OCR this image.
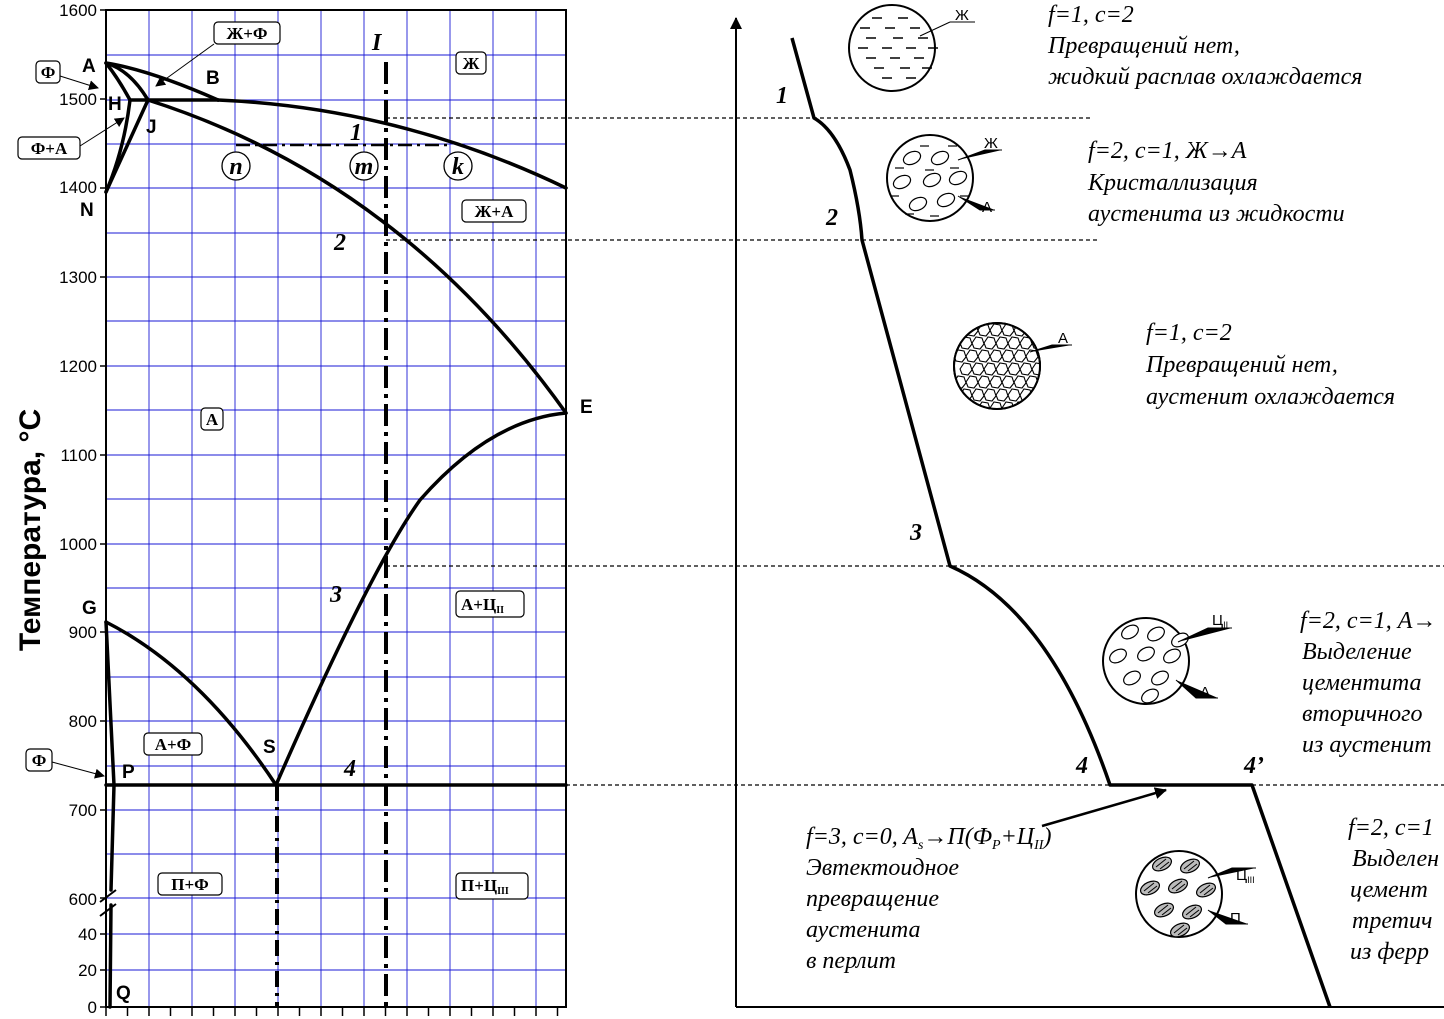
1600
1500
1400
1300
1200
1100
1000
900
800
700
600
40
20
0
Температура, °С
A
H
J
B
N
E
G
S
P
Q
Ф
Ж+Ф
Ж
Ф+А
Ж+А
А
А+ЦII
А+Ф
Ф
П+Ф	П+ЦIII
I
n	m	k
1
2
3
4
1
2
3
4	4’
Ж
Ж
А
А
$Ц_{II}$
А
$Ц_{III}$
П
f=1, c=2
Превращений нет,
жидкий расплав охлаждается
f=2, c=1, Ж→А
Кристаллизация
аустенита из жидкости
f=1, c=2
Превращений нет,
аустенит охлаждается
f=2, c=1, А→
Выделение
цементита
вторичного
из аустенит
f=3, c=0, $A_s\to П(Ф_P+Ц_{II})$
Эвтектоидное
превращение
аустенита
в перлит
f=2, c=1
Выделен
цемент
третич
из ферр
